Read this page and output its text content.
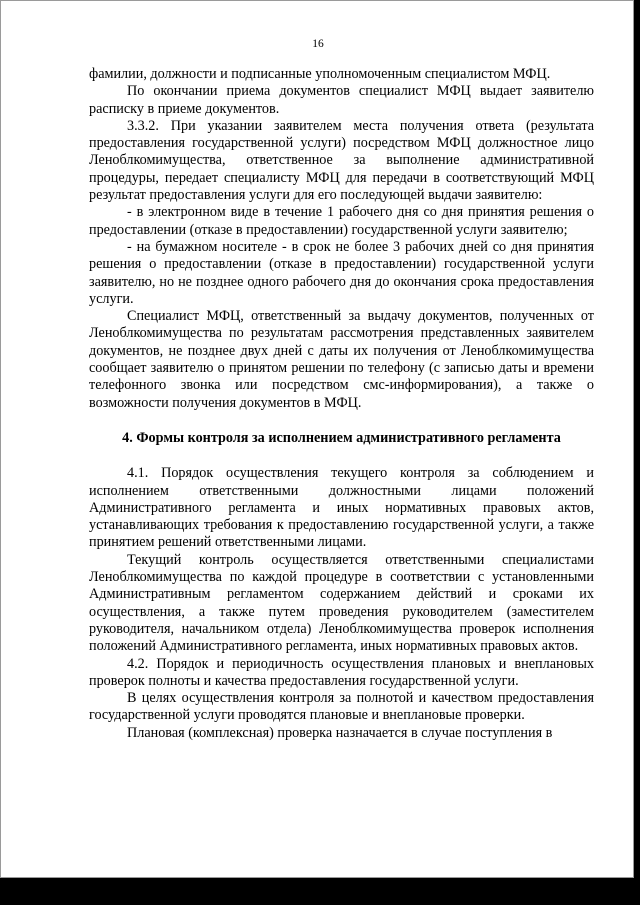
16

фамилии, должности и подписанные уполномоченным специалистом МФЦ.

По окончании приема документов специалист МФЦ выдает заявителю расписку в приеме документов.

3.3.2. При указании заявителем места получения ответа (результата предоставления государственной услуги) посредством МФЦ должностное лицо Леноблкомимущества, ответственное за выполнение административной процедуры, передает специалисту МФЦ для передачи в соответствующий МФЦ результат предоставления услуги для его последующей выдачи заявителю:

- в электронном виде в течение 1 рабочего дня со дня принятия решения о предоставлении (отказе в предоставлении) государственной услуги заявителю;

- на бумажном носителе - в срок не более 3 рабочих дней со дня принятия решения о предоставлении (отказе в предоставлении) государственной услуги заявителю, но не позднее одного рабочего дня до окончания срока предоставления услуги.

Специалист МФЦ, ответственный за выдачу документов, полученных от Леноблкомимущества по результатам рассмотрения представленных заявителем документов, не позднее двух дней с даты их получения от Леноблкомимущества сообщает заявителю о принятом решении по телефону (с записью даты и времени телефонного звонка или посредством смс-информирования), а также о возможности получения документов в МФЦ.

4. Формы контроля за исполнением административного регламента

4.1. Порядок осуществления текущего контроля за соблюдением и исполнением ответственными должностными лицами положений Административного регламента и иных нормативных правовых актов, устанавливающих требования к предоставлению государственной услуги, а также принятием решений ответственными лицами.

Текущий контроль осуществляется ответственными специалистами Леноблкомимущества по каждой процедуре в соответствии с установленными Административным регламентом содержанием действий и сроками их осуществления, а также путем проведения руководителем (заместителем руководителя, начальником отдела) Леноблкомимущества проверок исполнения положений Административного регламента, иных нормативных правовых актов.

4.2. Порядок и периодичность осуществления плановых и внеплановых проверок полноты и качества предоставления государственной услуги.

В целях осуществления контроля за полнотой и качеством предоставления государственной услуги проводятся плановые и внеплановые проверки.

Плановая (комплексная) проверка назначается в случае поступления в
